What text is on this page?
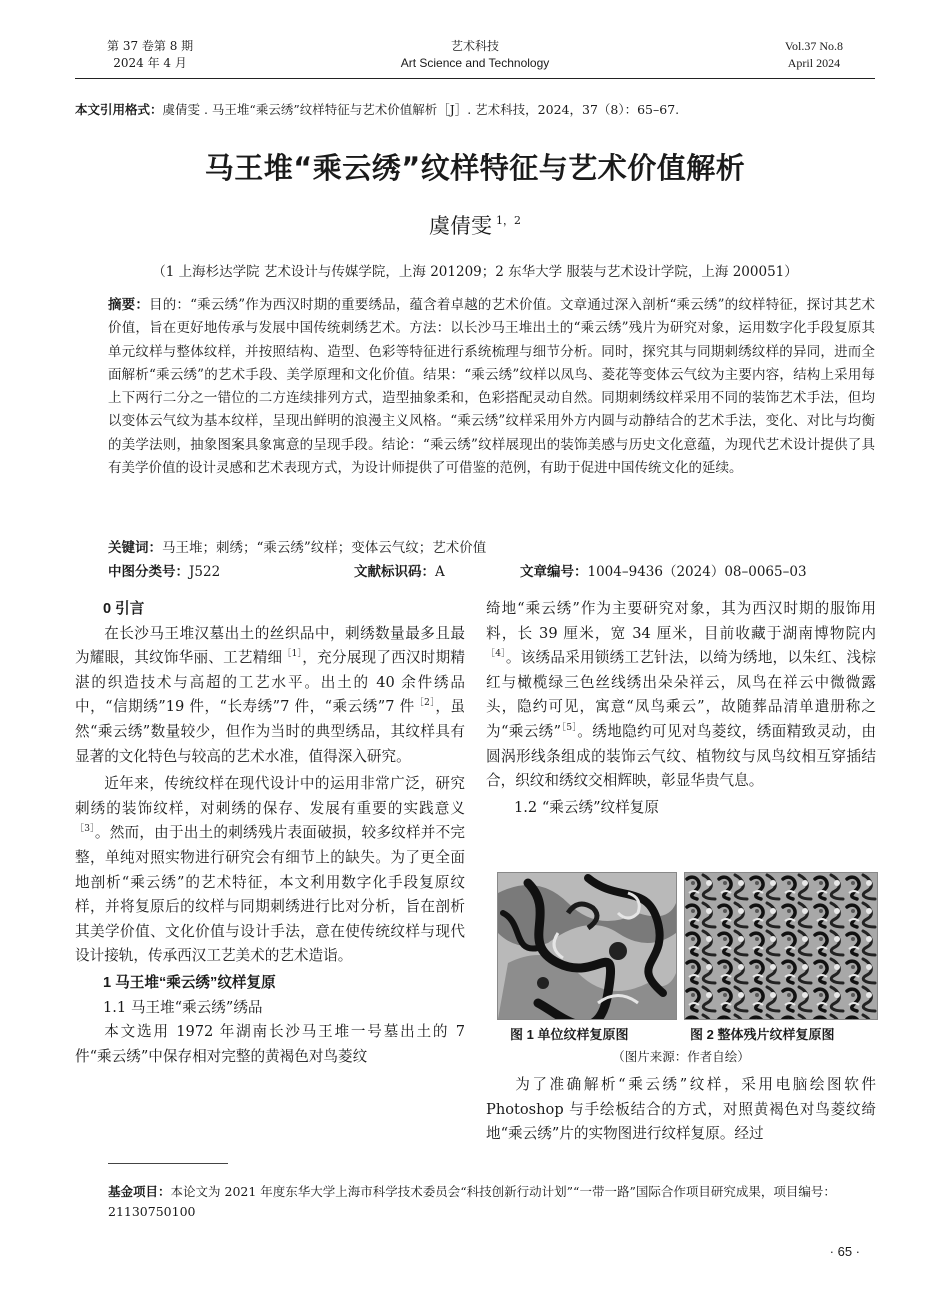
第 37 卷第 8 期
2024 年 4 月
艺术科技
Art Science and Technology
Vol.37 No.8
April 2024
本文引用格式：虞倩雯 . 马王堆“乘云绣”纹样特征与艺术价值解析［J］. 艺术科技，2024，37（8）：65–67.
马王堆“乘云绣”纹样特征与艺术价值解析
虞倩雯 $^{1,2}$
（1 上海杉达学院 艺术设计与传媒学院，上海 201209；2 东华大学 服装与艺术设计学院，上海 200051）
摘要：目的：“乘云绣”作为西汉时期的重要绣品，蕴含着卓越的艺术价值。文章通过深入剖析“乘云绣”的纹样特征，探讨其艺术价值，旨在更好地传承与发展中国传统刺绣艺术。方法：以长沙马王堆出土的“乘云绣”残片为研究对象，运用数字化手段复原其单元纹样与整体纹样，并按照结构、造型、色彩等特征进行系统梳理与细节分析。同时，探究其与同期刺绣纹样的异同，进而全面解析“乘云绣”的艺术手段、美学原理和文化价值。结果：“乘云绣”纹样以凤鸟、菱花等变体云气纹为主要内容，结构上采用每上下两行二分之一错位的二方连续排列方式，造型抽象柔和，色彩搭配灵动自然。同期刺绣纹样采用不同的装饰艺术手法，但均以变体云气纹为基本纹样，呈现出鲜明的浪漫主义风格。“乘云绣”纹样采用外方内圆与动静结合的艺术手法，变化、对比与均衡的美学法则，抽象图案具象寓意的呈现手段。结论：“乘云绣”纹样展现出的装饰美感与历史文化意蕴，为现代艺术设计提供了具有美学价值的设计灵感和艺术表现方式，为设计师提供了可借鉴的范例，有助于促进中国传统文化的延续。
关键词：马王堆；刺绣；“乘云绣”纹样；变体云气纹；艺术价值
中图分类号：J522	文献标识码：A	文章编号：1004–9436（2024）08–0065–03

0 引言

在长沙马王堆汉墓出土的丝织品中，刺绣数量最多且最为耀眼，其纹饰华丽、工艺精细$^{[1]}$，充分展现了西汉时期精湛的织造技术与高超的工艺水平。出土的 40 余件绣品中，“信期绣”19 件，“长寿绣”7 件，“乘云绣”7 件$^{[2]}$，虽然“乘云绣”数量较少，但作为当时的典型绣品，其纹样具有显著的文化特色与较高的艺术水准，值得深入研究。

近年来，传统纹样在现代设计中的运用非常广泛，研究刺绣的装饰纹样，对刺绣的保存、发展有重要的实践意义$^{[3]}$。然而，由于出土的刺绣残片表面破损，较多纹样并不完整，单纯对照实物进行研究会有细节上的缺失。为了更全面地剖析“乘云绣”的艺术特征，本文利用数字化手段复原纹样，并将复原后的纹样与同期刺绣进行比对分析，旨在剖析其美学价值、文化价值与设计手法，意在使传统纹样与现代设计接轨，传承西汉工艺美术的艺术造诣。

1 马王堆“乘云绣”纹样复原

1.1 马王堆“乘云绣”绣品

本文选用 1972 年湖南长沙马王堆一号墓出土的 7 件“乘云绣”中保存相对完整的黄褐色对鸟菱纹

绮地“乘云绣”作为主要研究对象，其为西汉时期的服饰用料，长 39 厘米，宽 34 厘米，目前收藏于湖南博物院内$^{[4]}$。该绣品采用锁绣工艺针法，以绮为绣地，以朱红、浅棕红与橄榄绿三色丝线绣出朵朵祥云，凤鸟在祥云中微微露头，隐约可见，寓意“凤鸟乘云”，故随葬品清单遣册称之为“乘云绣”$^{[5]}$。绣地隐约可见对鸟菱纹，绣面精致灵动，由圆涡形线条组成的装饰云气纹、植物纹与凤鸟纹相互穿插结合，织纹和绣纹交相辉映，彰显华贵气息。

1.2 “乘云绣”纹样复原

图 1 单位纹样复原图	图 2 整体残片纹样复原图
（图片来源：作者自绘）

为了准确解析“乘云绣”纹样，采用电脑绘图软件 Photoshop 与手绘板结合的方式，对照黄褐色对鸟菱纹绮地“乘云绣”片的实物图进行纹样复原。经过

基金项目：本论文为 2021 年度东华大学上海市科学技术委员会“科技创新行动计划”“一带一路”国际合作项目研究成果，项目编号：21130750100
· 65 ·
